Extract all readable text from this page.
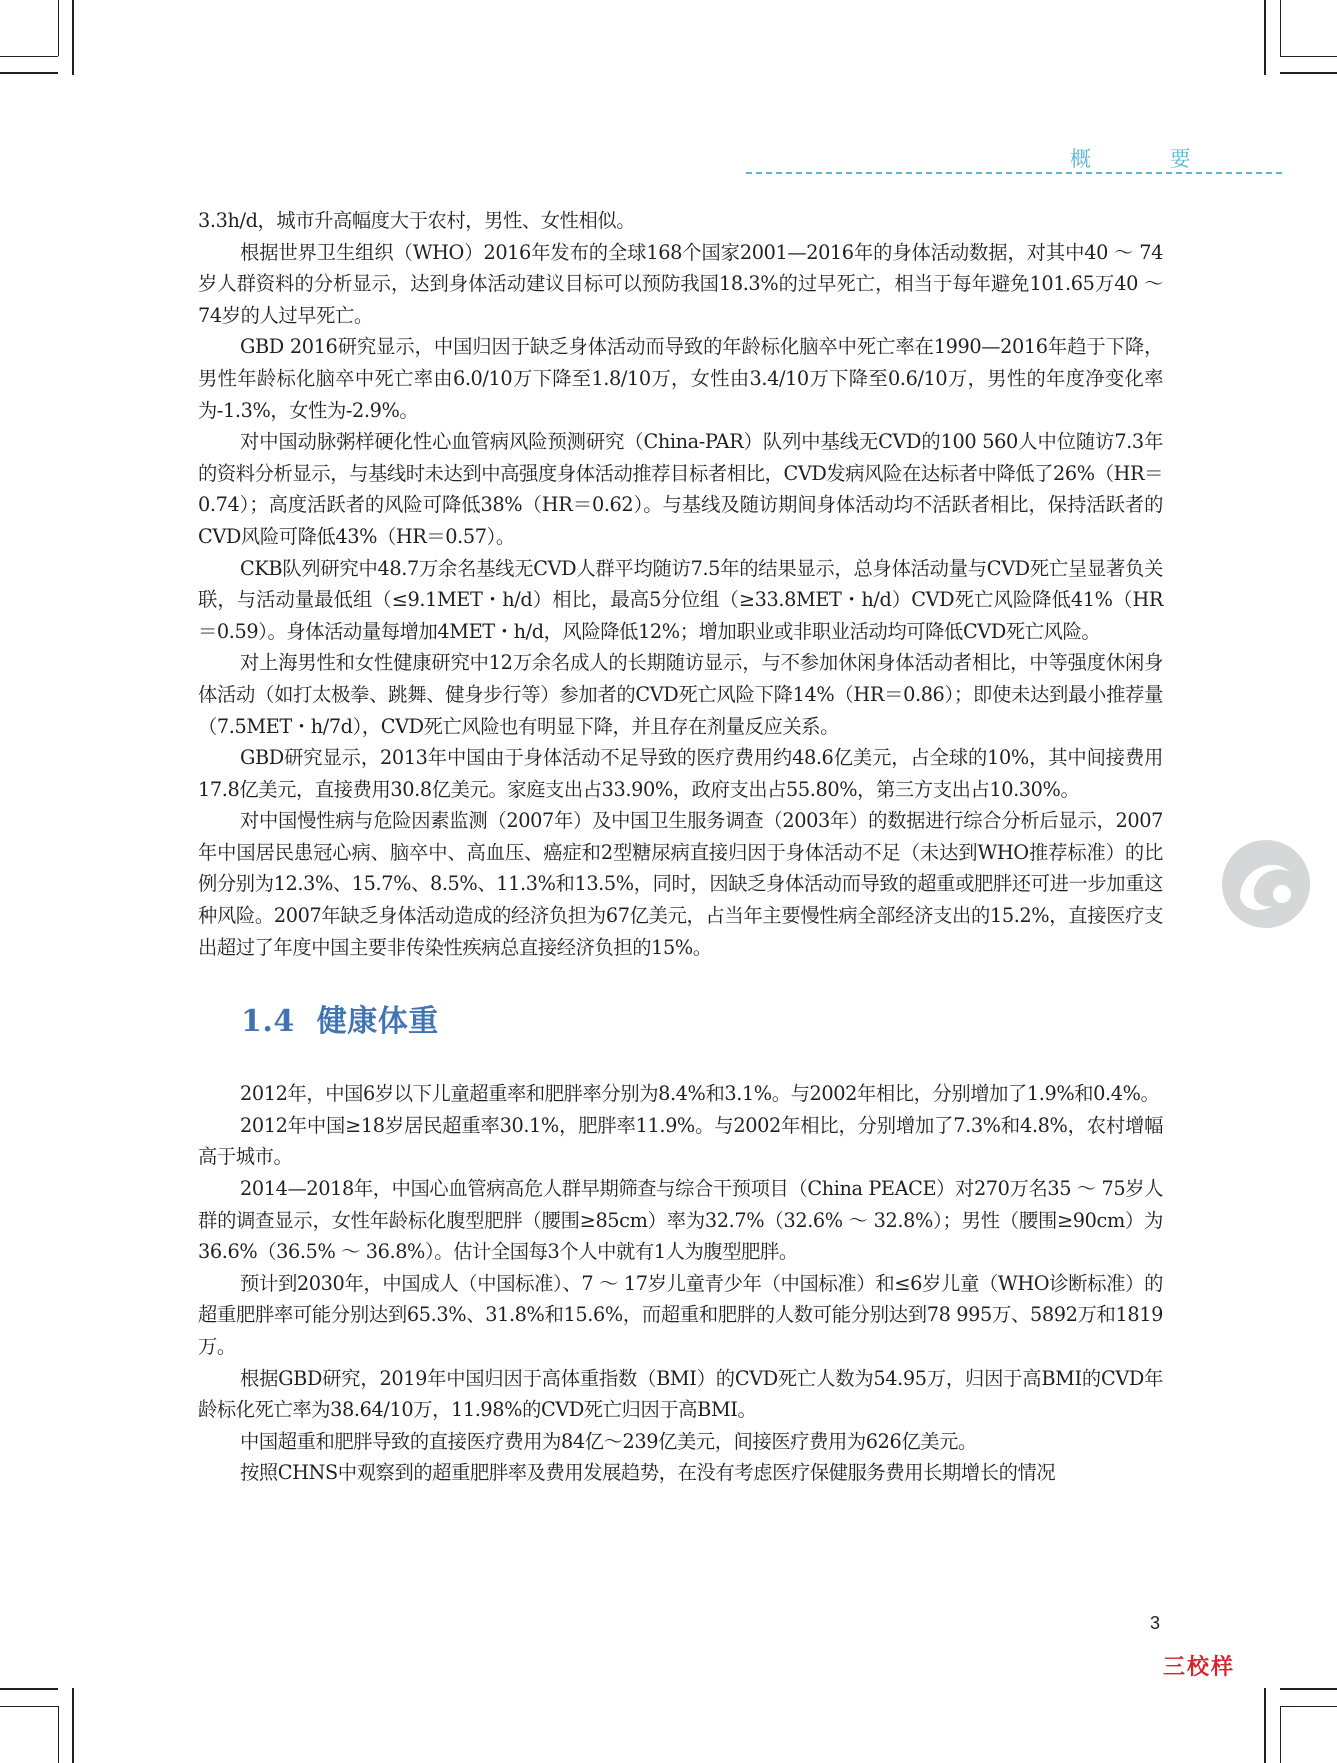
概 要

3.3h/d，城市升高幅度大于农村，男性、女性相似。

根据世界卫生组织（WHO）2016年发布的全球168个国家2001—2016年的身体活动数据，对其中40 ～ 74岁人群资料的分析显示，达到身体活动建议目标可以预防我国18.3%的过早死亡，相当于每年避免101.65万40 ～ 74岁的人过早死亡。

GBD 2016研究显示，中国归因于缺乏身体活动而导致的年龄标化脑卒中死亡率在1990—2016年趋于下降，男性年龄标化脑卒中死亡率由6.0/10万下降至1.8/10万，女性由3.4/10万下降至0.6/10万，男性的年度净变化率为-1.3%，女性为-2.9%。

对中国动脉粥样硬化性心血管病风险预测研究（China-PAR）队列中基线无CVD的100 560人中位随访7.3年的资料分析显示，与基线时未达到中高强度身体活动推荐目标者相比，CVD发病风险在达标者中降低了26%（HR＝0.74）；高度活跃者的风险可降低38%（HR＝0.62）。与基线及随访期间身体活动均不活跃者相比，保持活跃者的CVD风险可降低43%（HR＝0.57）。

CKB队列研究中48.7万余名基线无CVD人群平均随访7.5年的结果显示，总身体活动量与CVD死亡呈显著负关联，与活动量最低组（≤9.1MET・h/d）相比，最高5分位组（≥33.8MET・h/d）CVD死亡风险降低41%（HR＝0.59）。身体活动量每增加4MET・h/d，风险降低12%；增加职业或非职业活动均可降低CVD死亡风险。

对上海男性和女性健康研究中12万余名成人的长期随访显示，与不参加休闲身体活动者相比，中等强度休闲身体活动（如打太极拳、跳舞、健身步行等）参加者的CVD死亡风险下降14%（HR＝0.86）；即使未达到最小推荐量（7.5MET・h/7d），CVD死亡风险也有明显下降，并且存在剂量反应关系。

GBD研究显示，2013年中国由于身体活动不足导致的医疗费用约48.6亿美元，占全球的10%，其中间接费用17.8亿美元，直接费用30.8亿美元。家庭支出占33.90%，政府支出占55.80%，第三方支出占10.30%。

对中国慢性病与危险因素监测（2007年）及中国卫生服务调查（2003年）的数据进行综合分析后显示，2007年中国居民患冠心病、脑卒中、高血压、癌症和2型糖尿病直接归因于身体活动不足（未达到WHO推荐标准）的比例分别为12.3%、15.7%、8.5%、11.3%和13.5%，同时，因缺乏身体活动而导致的超重或肥胖还可进一步加重这种风险。2007年缺乏身体活动造成的经济负担为67亿美元，占当年主要慢性病全部经济支出的15.2%，直接医疗支出超过了年度中国主要非传染性疾病总直接经济负担的15%。

1.4 健康体重

2012年，中国6岁以下儿童超重率和肥胖率分别为8.4%和3.1%。与2002年相比，分别增加了1.9%和0.4%。

2012年中国≥18岁居民超重率30.1%，肥胖率11.9%。与2002年相比，分别增加了7.3%和4.8%，农村增幅高于城市。

2014—2018年，中国心血管病高危人群早期筛查与综合干预项目（China PEACE）对270万名35 ～ 75岁人群的调查显示，女性年龄标化腹型肥胖（腰围≥85cm）率为32.7%（32.6% ～ 32.8%）；男性（腰围≥90cm）为36.6%（36.5% ～ 36.8%）。估计全国每3个人中就有1人为腹型肥胖。

预计到2030年，中国成人（中国标准）、7 ～ 17岁儿童青少年（中国标准）和≤6岁儿童（WHO诊断标准）的超重肥胖率可能分别达到65.3%、31.8%和15.6%，而超重和肥胖的人数可能分别达到78 995万、5892万和1819万。

根据GBD研究，2019年中国归因于高体重指数（BMI）的CVD死亡人数为54.95万，归因于高BMI的CVD年龄标化死亡率为38.64/10万，11.98%的CVD死亡归因于高BMI。

中国超重和肥胖导致的直接医疗费用为84亿～239亿美元，间接医疗费用为626亿美元。

按照CHNS中观察到的超重肥胖率及费用发展趋势，在没有考虑医疗保健服务费用长期增长的情况

3
三校样
